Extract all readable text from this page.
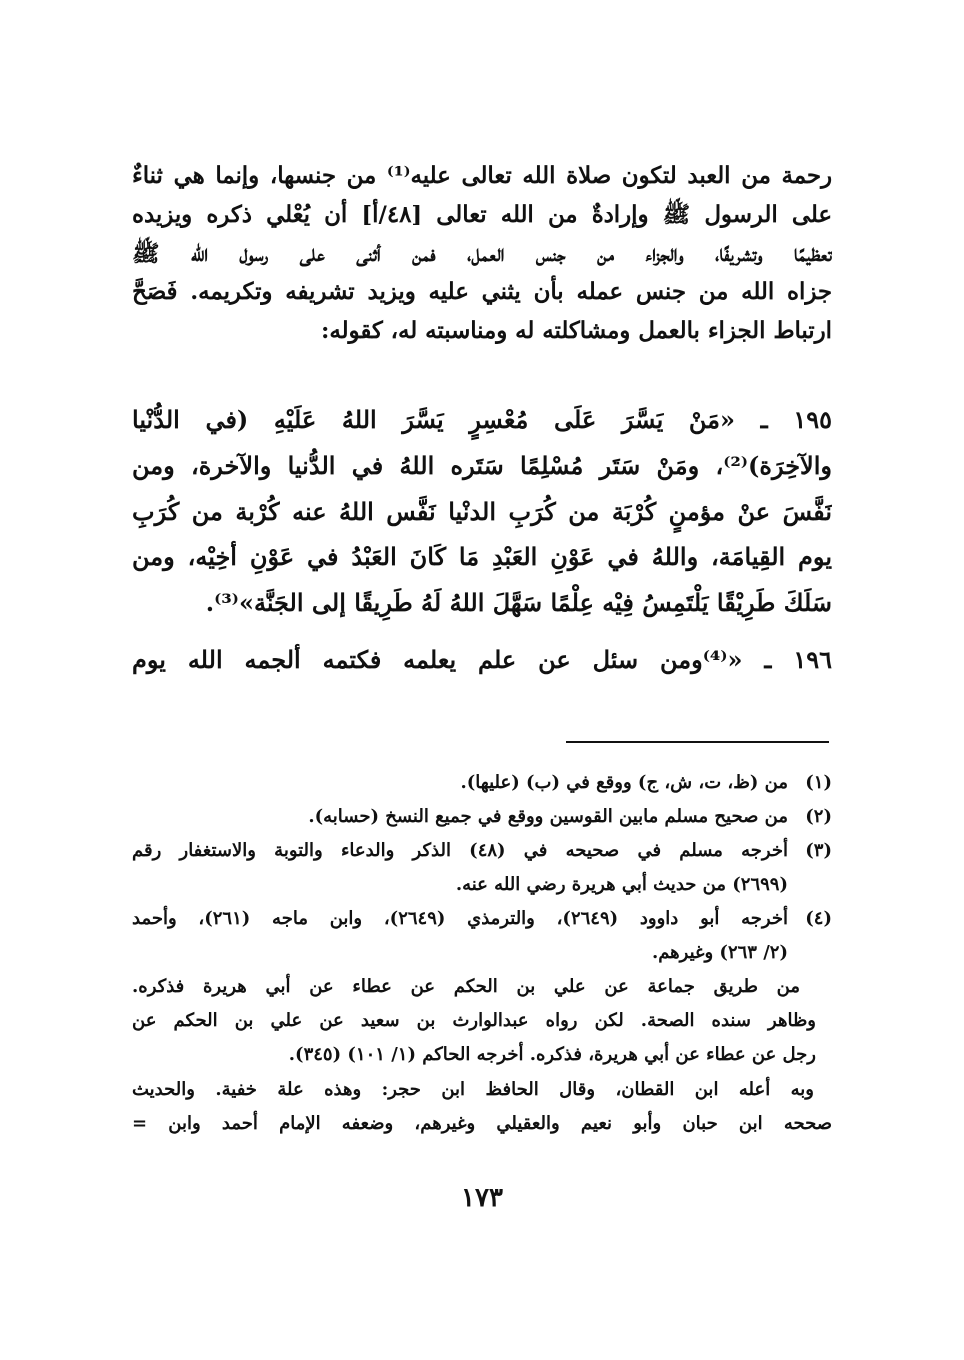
رحمة من العبد لتكون صلاة الله تعالى عليه⁽¹⁾ من جنسها، وإنما هي ثناءٌ
على الرسول ﷺ وإرادةٌ من الله تعالى [٤٨/أ] أن يُعْلي ذكره ويزيده
تعظيمًا وتشريفًا، والجزاء من جنس العمل، فمن أثنى على رسول الله ﷺ
جزاه الله من جنس عمله بأن يثني عليه ويزيد تشريفه وتكريمه. فَصَحَّ
ارتباط الجزاء بالعمل ومشاكلته له ومناسبته له، كقوله:
١٩٥ ـ «مَنْ يَسَّرَ عَلَى مُعْسِرٍ يَسَّرَ اللهُ عَلَيْهِ (في الدُّنْيا
والآخِرَة)⁽²⁾، ومَنْ سَتَر مُسْلِمًا سَتَره اللهُ في الدُّنيا والآخرة، ومن
نَفَّسَ عنْ مؤمنٍ كُرْبَة من كُرَبِ الدنْيا نَفَّس اللهُ عنه كُرْبة من كُرَبِ
يوم القِيامَة، واللهُ في عَوْنِ العَبْدِ مَا كَانَ العَبْدُ في عَوْنِ أخِيْه، ومن
سَلَكَ طَرِيْقًا يَلْتَمِسُ فِيْه عِلْمًا سَهَّلَ اللهُ لَهُ طَرِيقًا إلى الجَنَّة»⁽³⁾.
١٩٦ ـ «⁽⁴⁾ومن سئل عن علم يعلمه فكتمه ألجمه الله يوم
(١)
من (ظ، ت، ش، ج) ووقع في (ب) (عليها).
(٢)
من صحيح مسلم مابين القوسين ووقع في جميع النسخ (حسابه).
(٣)
أخرجه مسلم في صحيحه في (٤٨) الذكر والدعاء والتوبة والاستغفار رقم
(٢٦٩٩) من حديث أبي هريرة رضي الله عنه.
(٤)
أخرجه أبو داوود (٢٦٤٩)، والترمذي (٢٦٤٩)، وابن ماجه (٢٦١)، وأحمد
(٢/ ٢٦٣) وغيرهم.
من طريق جماعة عن علي بن الحكم عن عطاء عن أبي هريرة فذكره.
وظاهر سنده الصحة. لكن رواه عبدالوارث بن سعيد عن علي بن الحكم عن
رجل عن عطاء عن أبي هريرة، فذكره. أخرجه الحاكم (١/ ١٠١) (٣٤٥).
وبه أعله ابن القطان، وقال الحافظ ابن حجر: وهذه علة خفية. والحديث
صححه ابن حبان وأبو نعيم والعقيلي وغيرهم، وضعفه الإمام أحمد وابن =
١٧٣
